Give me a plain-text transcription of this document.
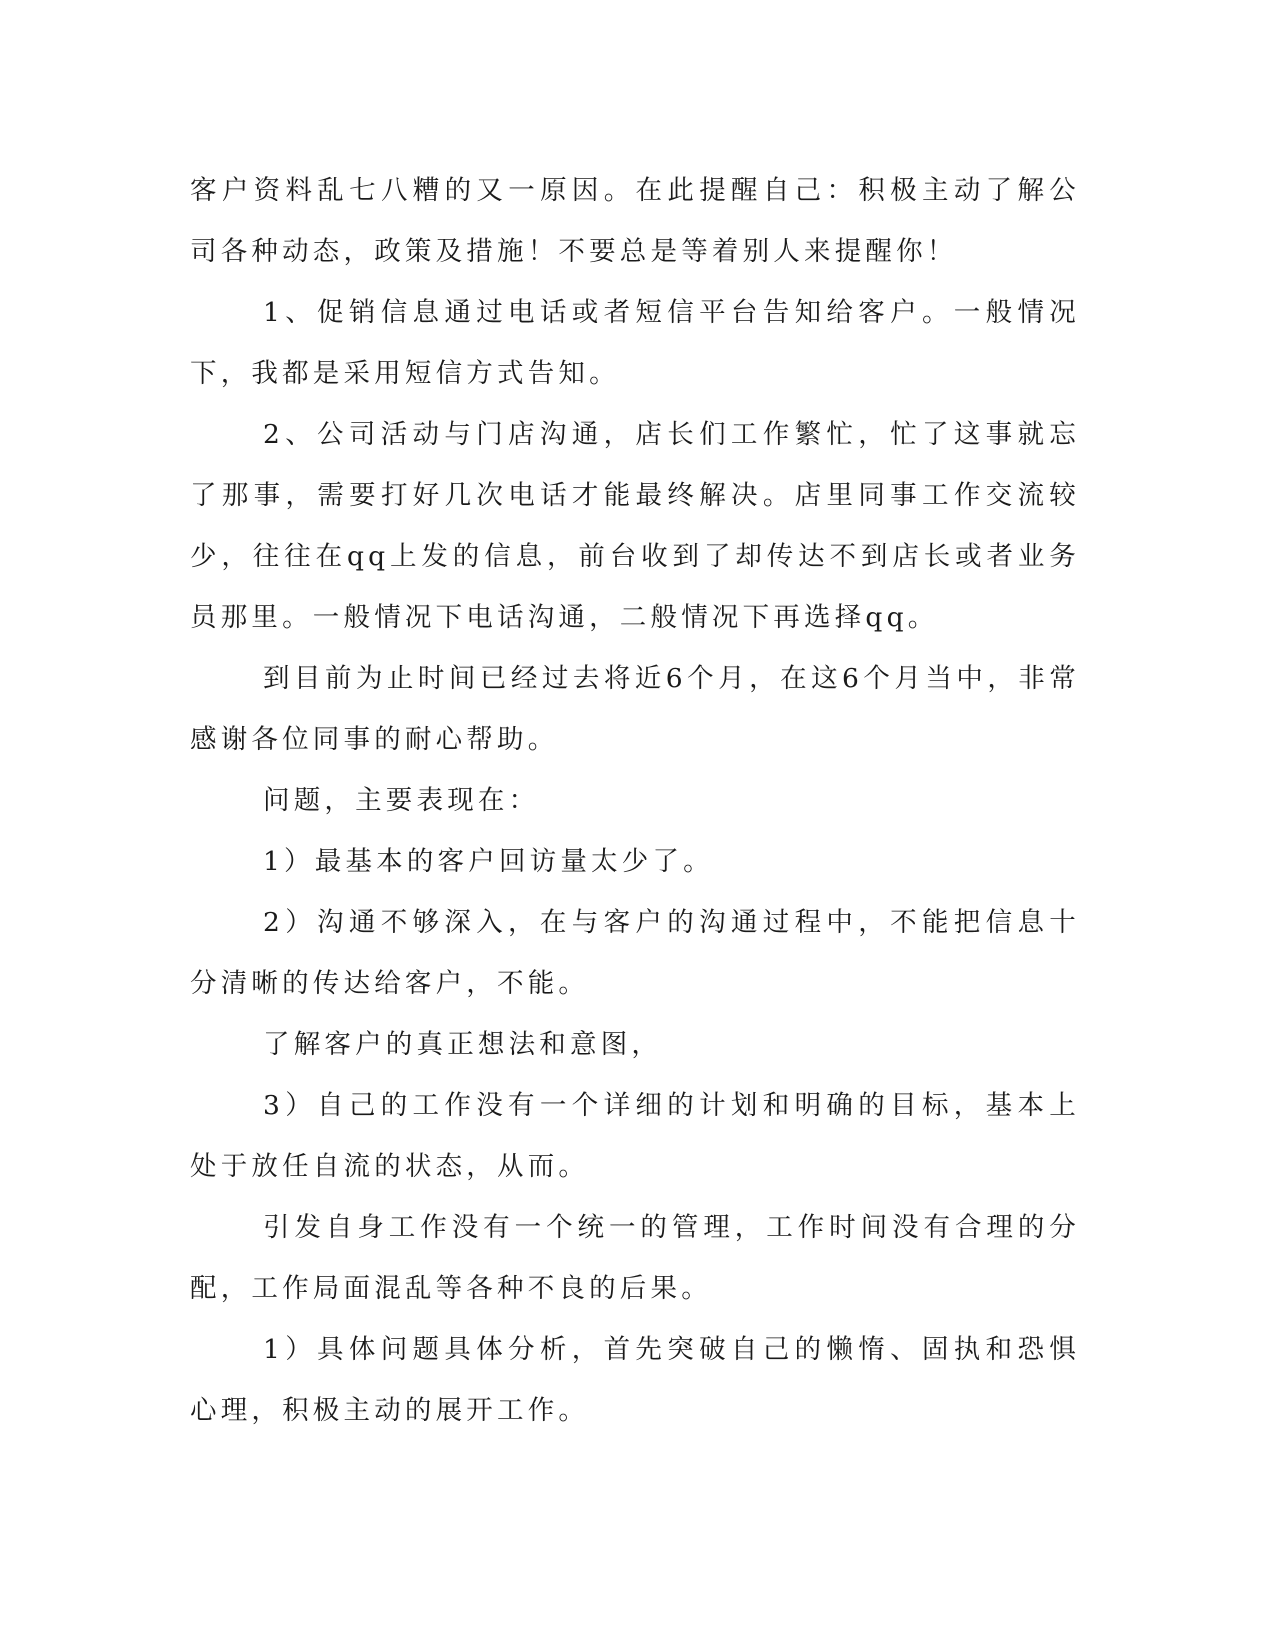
客户资料乱七八糟的又一原因。在此提醒自己：积极主动了解公司各种动态，政策及措施！不要总是等着别人来提醒你！

1、促销信息通过电话或者短信平台告知给客户。一般情况下，我都是采用短信方式告知。

2、公司活动与门店沟通，店长们工作繁忙，忙了这事就忘了那事，需要打好几次电话才能最终解决。店里同事工作交流较少，往往在qq上发的信息，前台收到了却传达不到店长或者业务员那里。一般情况下电话沟通，二般情况下再选择qq。

到目前为止时间已经过去将近6个月，在这6个月当中，非常感谢各位同事的耐心帮助。

问题，主要表现在：

1）最基本的客户回访量太少了。

2）沟通不够深入，在与客户的沟通过程中，不能把信息十分清晰的传达给客户，不能。

了解客户的真正想法和意图，

3）自己的工作没有一个详细的计划和明确的目标，基本上处于放任自流的状态，从而。

引发自身工作没有一个统一的管理，工作时间没有合理的分配，工作局面混乱等各种不良的后果。

1）具体问题具体分析，首先突破自己的懒惰、固执和恐惧心理，积极主动的展开工作。
